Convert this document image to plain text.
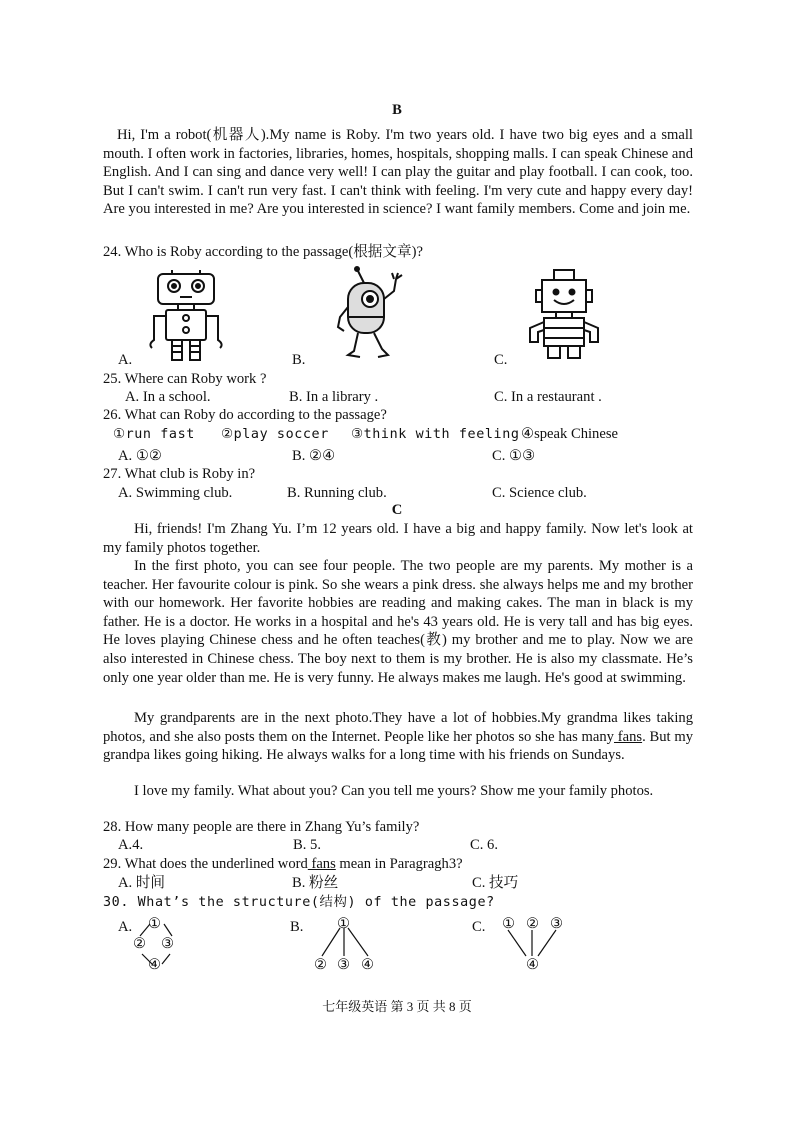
B
Hi, I'm a robot(机器人).My name is Roby. I'm two years old. I have two big eyes and a small mouth. I often work in factories, libraries, homes, hospitals, shopping malls. I can speak Chinese and English. And I can sing and dance very well! I can play the guitar and play football. I can cook, too. But I can't swim. I can't run very fast. I can't think with feeling. I'm very cute and happy every day! Are you interested in me? Are you interested in science? I want family members. Come and join me.
24. Who is Roby according to the passage(根据文章)?
A.	B.	C.
25. Where can Roby work ?
A. In a school.	B. In a library .	C. In a restaurant .
26. What can Roby do according to the passage?
①run fast ②play soccer ③think with feeling ④speak Chinese
A. ①②	B. ②④	C. ①③
27. What club is Roby in?
A. Swimming club.	B. Running club.	C. Science club.
C
Hi, friends! I'm Zhang Yu. I’m 12 years old. I have a big and happy family. Now let's look at my family photos together.
In the first photo, you can see four people. The two people are my parents. My mother is a teacher. Her favourite colour is pink. So she wears a pink dress. she always helps me and my brother with our homework. Her favorite hobbies are reading and making cakes. The man in black is my father. He is a doctor. He works in a hospital and he's 43 years old. He is very tall and has big eyes. He loves playing Chinese chess and he often teaches(教) my brother and me to play. Now we are also interested in Chinese chess. The boy next to them is my brother. He is also my classmate. He’s only one year older than me. He is very funny. He always makes me laugh. He's good at swimming.
My grandparents are in the next photo.They have a lot of hobbies.My grandma likes taking photos, and she also posts them on the Internet. People like her photos so she has many fans. But my grandpa likes going hiking. He always walks for a long time with his friends on Sundays.
I love my family. What about you? Can you tell me yours? Show me your family photos.
28. How many people are there in Zhang Yu’s family?
A.4.	B. 5.	C. 6.
29. What does the underlined word fans mean in Paragragh3?
A. 时间	B. 粉丝	C. 技巧
30. What’s the structure(结构) of the passage?
A. ①
② ③
④
B. ①
② ③ ④
C. ① ② ③
④
七年级英语 第 3 页 共 8 页
